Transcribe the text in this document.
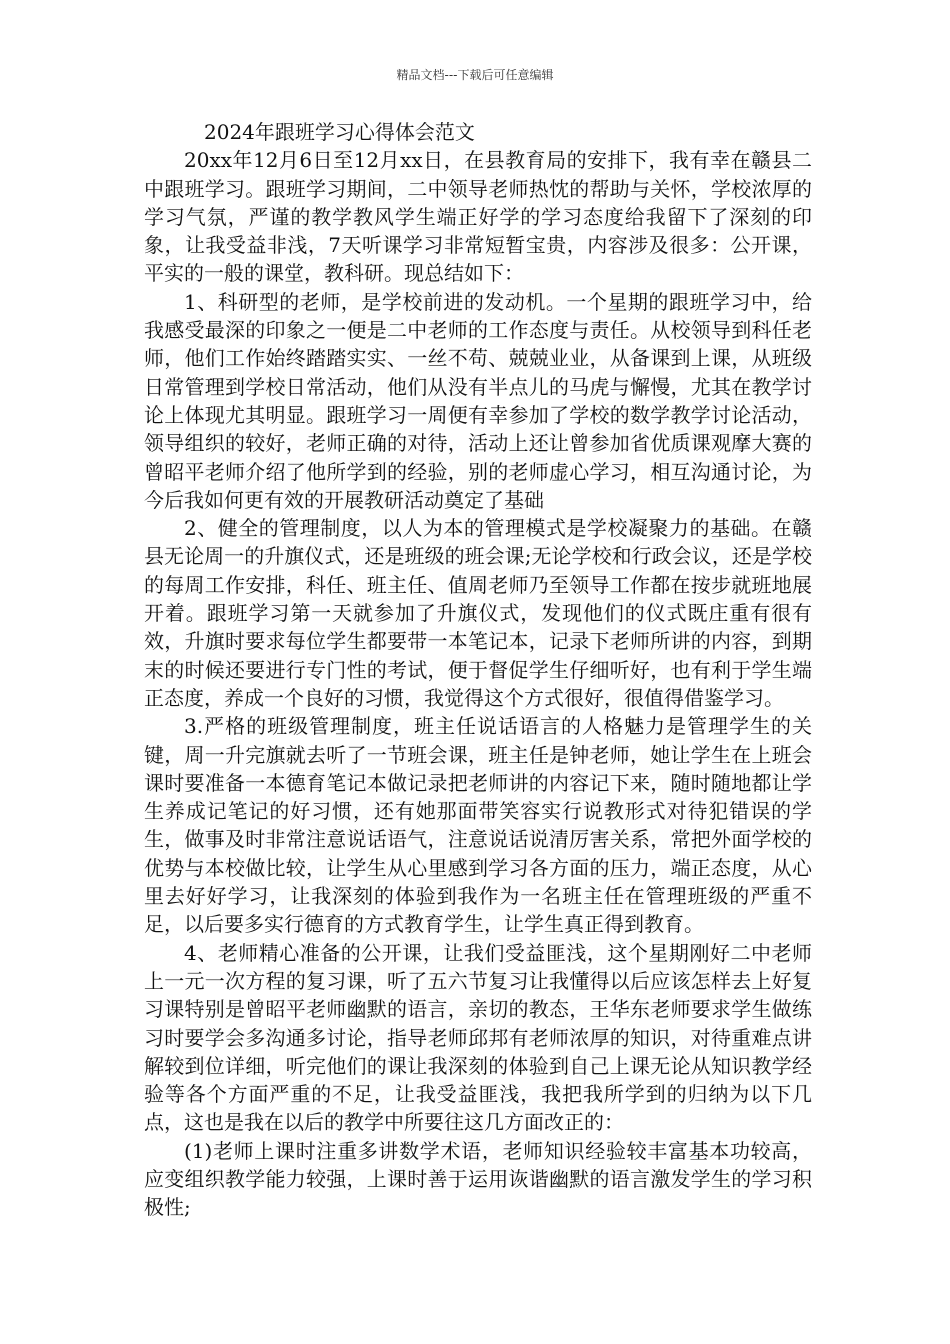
精品文档---下载后可任意编辑

2024年跟班学习心得体会范文

20xx年12月6日至12月xx日，在县教育局的安排下，我有幸在赣县二中跟班学习。跟班学习期间，二中领导老师热忱的帮助与关怀，学校浓厚的学习气氛，严谨的教学教风学生端正好学的学习态度给我留下了深刻的印象，让我受益非浅，7天听课学习非常短暂宝贵，内容涉及很多：公开课，平实的一般的课堂，教科研。现总结如下：

1、科研型的老师，是学校前进的发动机。一个星期的跟班学习中，给我感受最深的印象之一便是二中老师的工作态度与责任。从校领导到科任老师，他们工作始终踏踏实实、一丝不苟、兢兢业业，从备课到上课，从班级日常管理到学校日常活动，他们从没有半点儿的马虎与懈慢，尤其在教学讨论上体现尤其明显。跟班学习一周便有幸参加了学校的数学教学讨论活动，领导组织的较好，老师正确的对待，活动上还让曾参加省优质课观摩大赛的曾昭平老师介绍了他所学到的经验，别的老师虚心学习，相互沟通讨论，为今后我如何更有效的开展教研活动奠定了基础

2、健全的管理制度，以人为本的管理模式是学校凝聚力的基础。在赣县无论周一的升旗仪式，还是班级的班会课;无论学校和行政会议，还是学校的每周工作安排，科任、班主任、值周老师乃至领导工作都在按步就班地展开着。跟班学习第一天就参加了升旗仪式，发现他们的仪式既庄重有很有效，升旗时要求每位学生都要带一本笔记本，记录下老师所讲的内容，到期末的时候还要进行专门性的考试，便于督促学生仔细听好，也有利于学生端正态度，养成一个良好的习惯，我觉得这个方式很好，很值得借鉴学习。

3.严格的班级管理制度，班主任说话语言的人格魅力是管理学生的关键，周一升完旗就去听了一节班会课，班主任是钟老师，她让学生在上班会课时要准备一本德育笔记本做记录把老师讲的内容记下来，随时随地都让学生养成记笔记的好习惯，还有她那面带笑容实行说教形式对待犯错误的学生，做事及时非常注意说话语气，注意说话说清厉害关系，常把外面学校的优势与本校做比较，让学生从心里感到学习各方面的压力，端正态度，从心里去好好学习，让我深刻的体验到我作为一名班主任在管理班级的严重不足，以后要多实行德育的方式教育学生，让学生真正得到教育。

4、老师精心准备的公开课，让我们受益匪浅，这个星期刚好二中老师上一元一次方程的复习课，听了五六节复习让我懂得以后应该怎样去上好复习课特别是曾昭平老师幽默的语言，亲切的教态，王华东老师要求学生做练习时要学会多沟通多讨论，指导老师邱邦有老师浓厚的知识，对待重难点讲解较到位详细，听完他们的课让我深刻的体验到自己上课无论从知识教学经验等各个方面严重的不足，让我受益匪浅，我把我所学到的归纳为以下几点，这也是我在以后的教学中所要往这几方面改正的：

(1)老师上课时注重多讲数学术语，老师知识经验较丰富基本功较高，应变组织教学能力较强，上课时善于运用诙谐幽默的语言激发学生的学习积极性;
